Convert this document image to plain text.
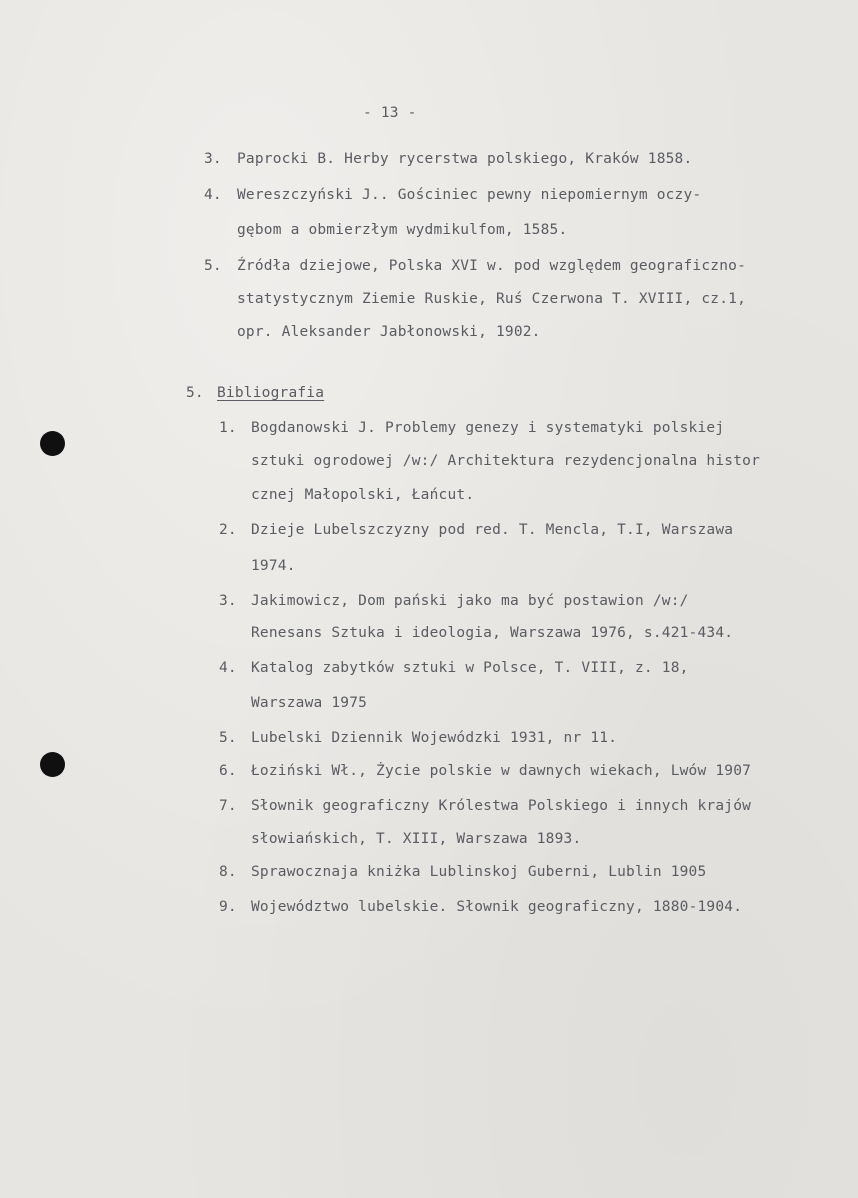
- 13 -
3. Paprocki B. Herby rycerstwa polskiego, Kraków 1858.
4. Wereszczyński J.. Gościniec pewny niepomiernym oczy-
gębom a obmierzłym wydmikulfom, 1585.
5. Źródła dziejowe, Polska XVI w. pod względem geograficzno-
statystycznym Ziemie Ruskie, Ruś Czerwona T. XVIII, cz.1,
opr. Aleksander Jabłonowski, 1902.
5. Bibliografia
1. Bogdanowski J. Problemy genezy i systematyki polskiej
sztuki ogrodowej /w:/ Architektura rezydencjonalna histor
cznej Małopolski, Łańcut.
2. Dzieje Lubelszczyzny pod red. T. Mencla, T.I, Warszawa
1974.
3. Jakimowicz, Dom pański jako ma być postawion /w:/
Renesans Sztuka i ideologia, Warszawa 1976, s.421-434.
4. Katalog zabytków sztuki w Polsce, T. VIII, z. 18,
Warszawa 1975
5. Lubelski Dziennik Wojewódzki 1931, nr 11.
6. Łoziński Wł., Życie polskie w dawnych wiekach, Lwów 1907
7. Słownik geograficzny Królestwa Polskiego i innych krajów
słowiańskich, T. XIII, Warszawa 1893.
8. Sprawocznaja kniżka Lublinskoj Guberni, Lublin 1905
9. Województwo lubelskie. Słownik geograficzny, 1880-1904.
